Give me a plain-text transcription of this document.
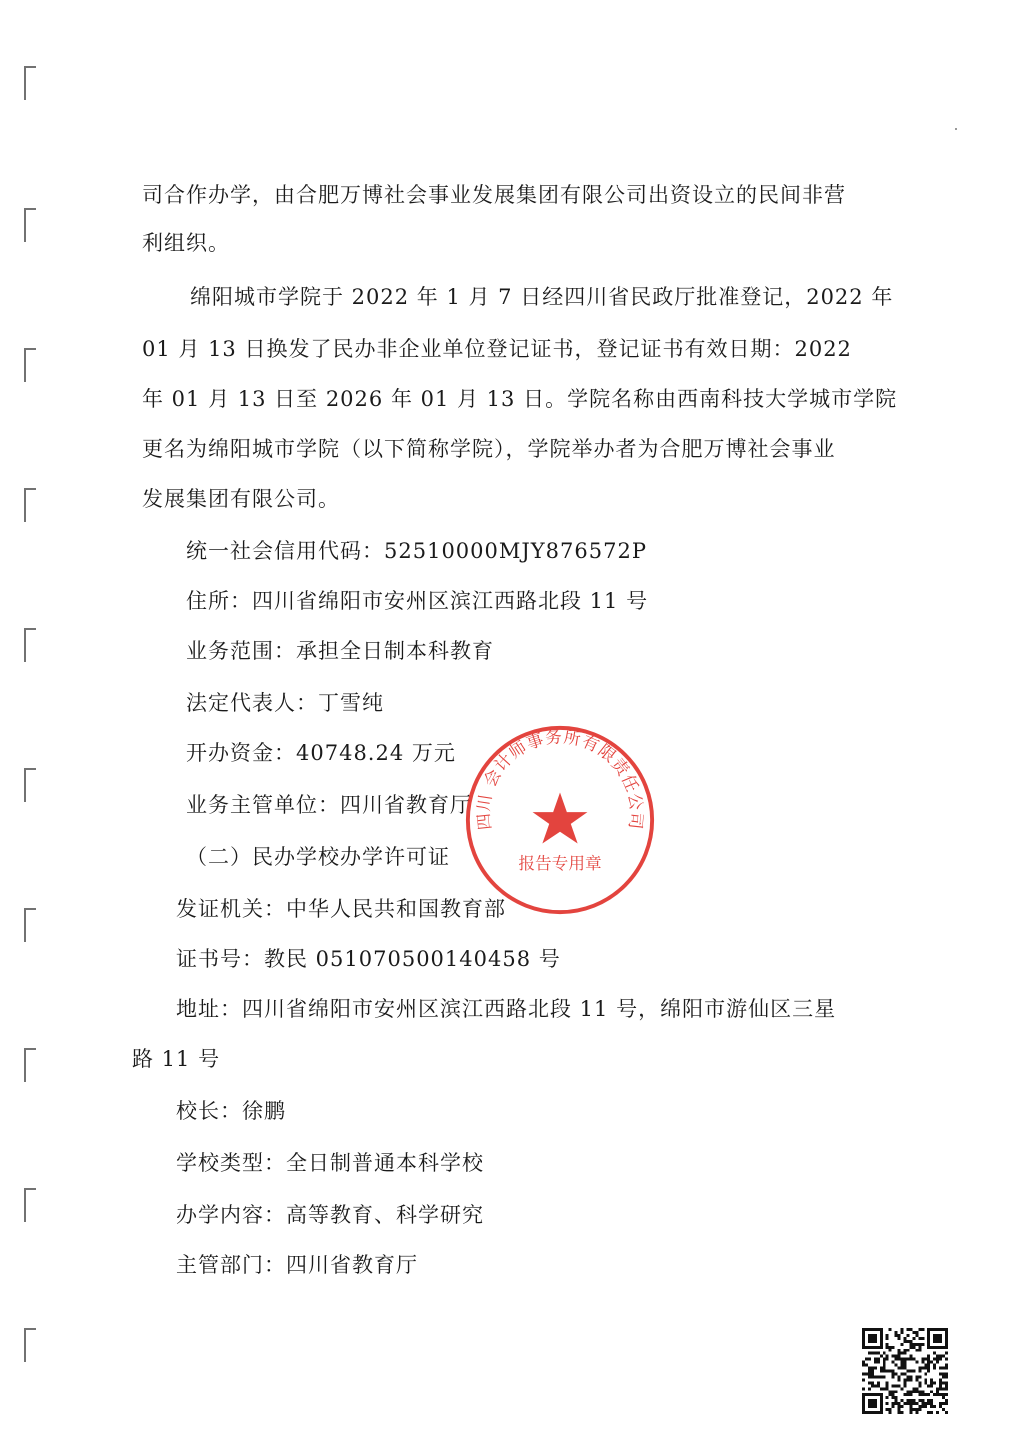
司合作办学，由合肥万博社会事业发展集团有限公司出资设立的民间非营
利组织。
绵阳城市学院于 2022 年 1 月 7 日经四川省民政厅批准登记，2022 年
01 月 13 日换发了民办非企业单位登记证书，登记证书有效日期：2022
年 01 月 13 日至 2026 年 01 月 13 日。学院名称由西南科技大学城市学院
更名为绵阳城市学院（以下简称学院），学院举办者为合肥万博社会事业
发展集团有限公司。
统一社会信用代码：52510000MJY876572P
住所：四川省绵阳市安州区滨江西路北段 11 号
业务范围：承担全日制本科教育
法定代表人：丁雪纯
开办资金：40748.24 万元
业务主管单位：四川省教育厅
（二）民办学校办学许可证
发证机关：中华人民共和国教育部
证书号：教民 051070500140458 号
地址：四川省绵阳市安州区滨江西路北段 11 号，绵阳市游仙区三星
路 11 号
校长：徐鹏
学校类型：全日制普通本科学校
办学内容：高等教育、科学研究
主管部门：四川省教育厅
四川 会计师事务所有限责任公司
报告专用章
